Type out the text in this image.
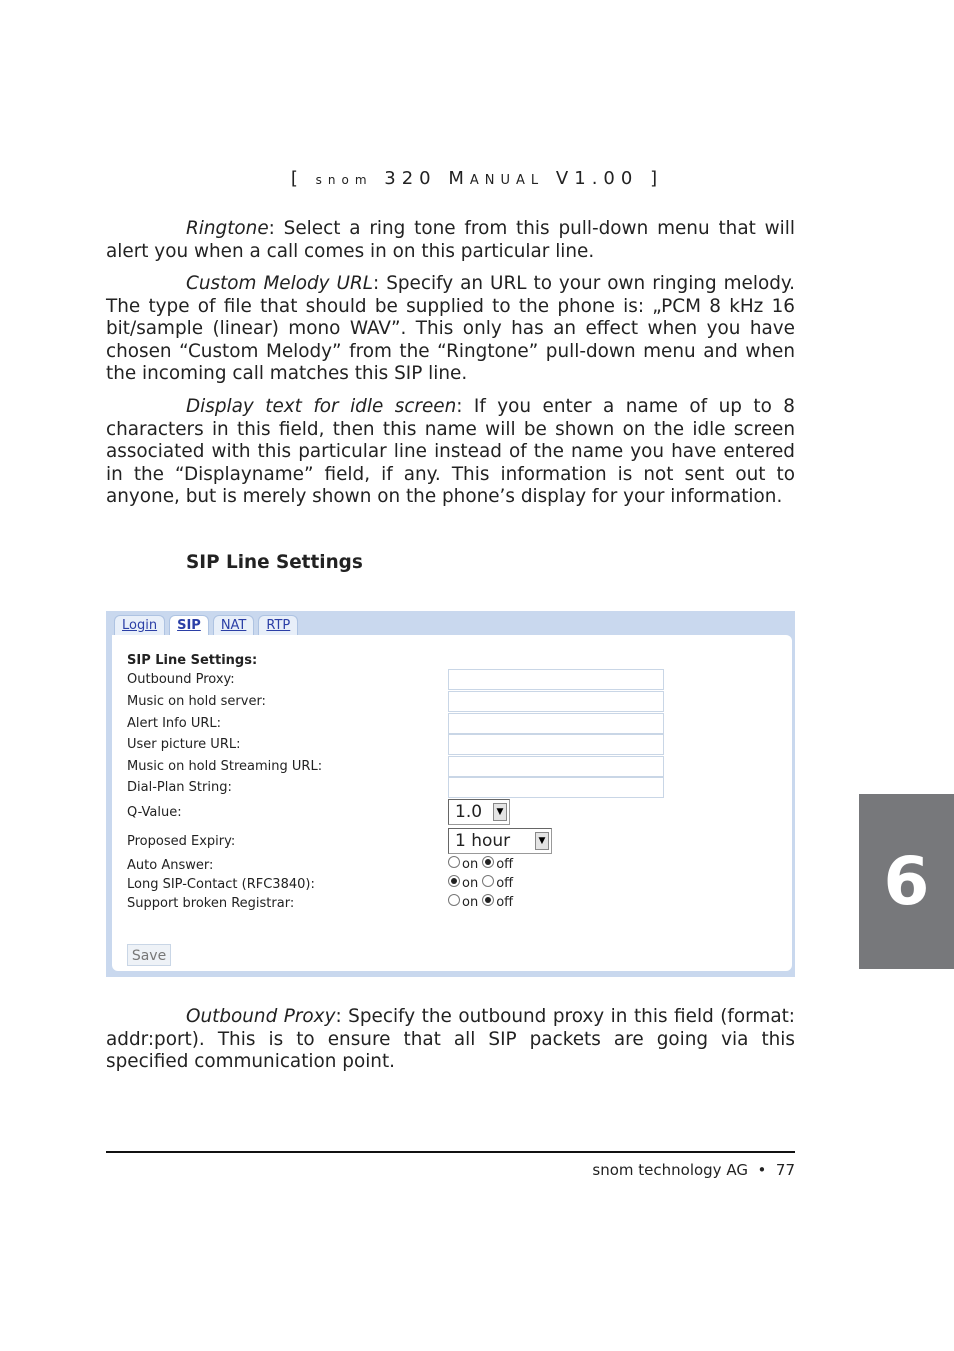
[ snom 320 Manual V1.00 ]
Ringtone: Select a ring tone from this pull-down menu that will alert you when a call comes in on this particular line.
Custom Melody URL: Specify an URL to your own ringing melody. The type of file that should be supplied to the phone is: „PCM 8 kHz 16 bit/sample (linear) mono WAV”. This only has an effect when you have chosen “Custom Melody” from the “Ringtone” pull-down menu and when the incoming call matches this SIP line.
Display text for idle screen: If you enter a name of up to 8 characters in this field, then this name will be shown on the idle screen associated with this particular line instead of the name you have entered in the “Displayname” field, if any. This information is not sent out to anyone, but is merely shown on the phone’s display for your information.
SIP Line Settings
Login	SIP	NAT	RTP
SIP Line Settings:
Outbound Proxy:
Music on hold server:
Alert Info URL:
User picture URL:
Music on hold Streaming URL:
Dial-Plan String:
Q-Value:	1.0	▼
Proposed Expiry:	1 hour	▼
Auto Answer:	on off
Long SIP-Contact (RFC3840):	on off
Support broken Registrar:	on off
Save
Outbound Proxy: Specify the outbound proxy in this field (format: addr:port). This is to ensure that all SIP packets are going via this specified communication point.
snom technology AG • 77
6
